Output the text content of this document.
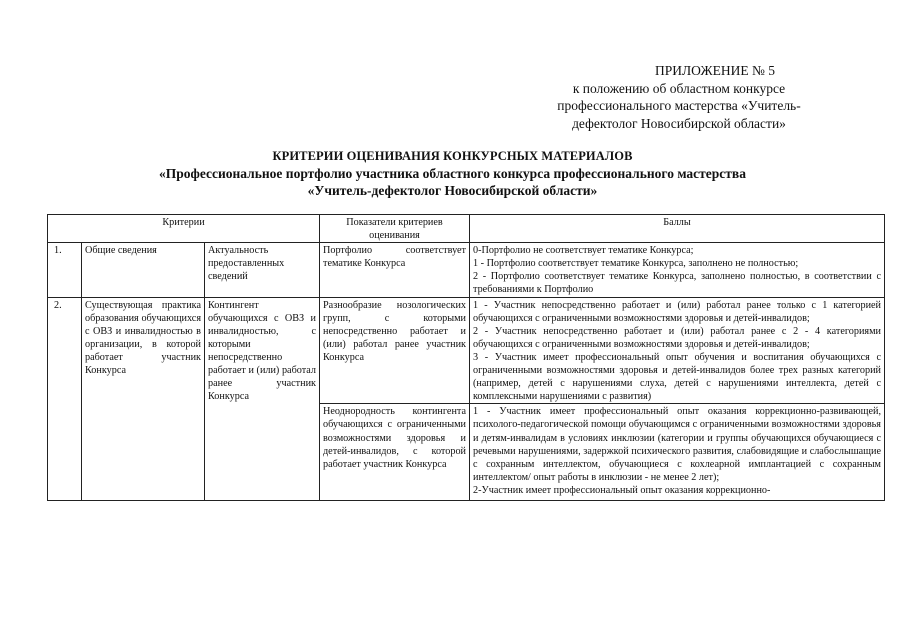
ПРИЛОЖЕНИЕ № 5
к положению об областном конкурсе
профессионального мастерства «Учитель-
дефектолог Новосибирской области»
КРИТЕРИИ ОЦЕНИВАНИЯ КОНКУРСНЫХ МАТЕРИАЛОВ
«Профессиональное портфолио участника областного конкурса профессионального мастерства
«Учитель-дефектолог Новосибирской области»
Критерии			Показатели критериев оценивания	Баллы
1.	Общие сведения	Актуальность предоставленных сведений	Портфолио соответствует тематике Конкурса	0-Портфолио не соответствует тематике Конкурса;
1 - Портфолио соответствует тематике Конкурса, заполнено не полностью;
2 - Портфолио соответствует тематике Конкурса, заполнено полностью, в соответствии с требованиями к Портфолио

2.	Существующая практика образования обучающихся с ОВЗ и инвалидностью в организации, в которой работает участник Конкурса	Контингент обучающихся с ОВЗ и инвалидностью, с которыми непосредственно работает и (или) работал ранее участник Конкурса	Разнообразие нозологических групп, с которыми непосредственно работает и (или) работал ранее участник Конкурса	1 - Участник непосредственно работает и (или) работал ранее только с 1 категорией обучающихся с ограниченными возможностями здоровья и детей-инвалидов;
2 - Участник непосредственно работает и (или) работал ранее с 2 - 4 категориями обучающихся с ограниченными возможностями здоровья и детей-инвалидов;
3 - Участник имеет профессиональный опыт обучения и воспитания обучающихся с ограниченными возможностями здоровья и детей-инвалидов более трех разных категорий (например, детей с нарушениями слуха, детей с нарушениями интеллекта, детей с комплексными нарушениями с развития)

			Неоднородность контингента обучающихся с ограниченными возможностями здоровья и детей-инвалидов, с которой работает участник Конкурса	1 - Участник имеет профессиональный опыт оказания коррекционно-развивающей, психолого-педагогической помощи обучающимся с ограниченными возможностями здоровья и детям-инвалидам в условиях инклюзии (категории и группы обучающихся обучающиеся с речевыми нарушениями, задержкой психического развития, слабовидящие и слабослышащие с сохранным интеллектом, обучающиеся с кохлеарной имплантацией с сохранным интеллектом/ опыт работы в инклюзии - не менее 2 лет);
2-Участник имеет профессиональный опыт оказания коррекционно-
